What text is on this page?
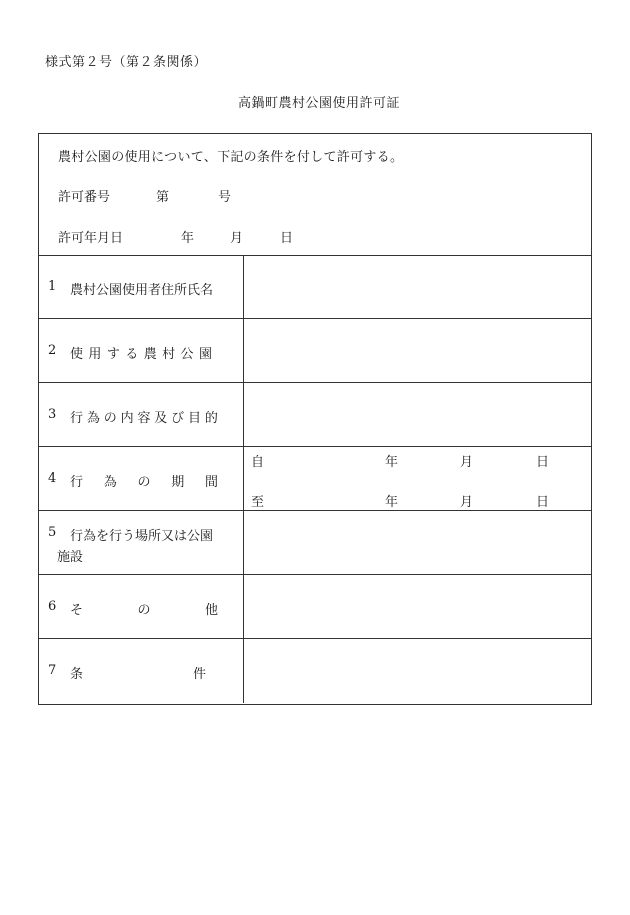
様式第２号（第２条関係）
高鍋町農村公園使用許可証
農村公園の使用について、下記の条件を付して許可する。
許可番号	第	号
許可年月日	年	月	日
1 農村公園使用者住所氏名
2 使 用 す る 農 村 公 園
3 行 為 の 内 容 及 び 目 的
4 行 為 の 期 間
自	年	月	日
至	年	月	日
5 行為を行う場所又は公園
施設
6 そ	の	他
7 条	件
